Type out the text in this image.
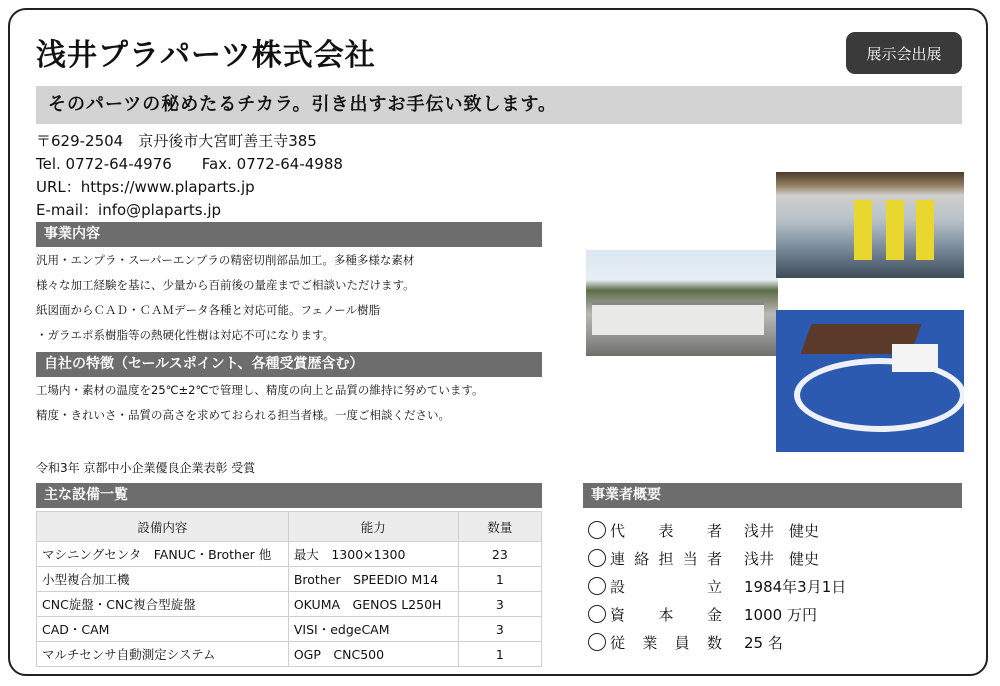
浅井プラパーツ株式会社	展示会出展
そのパーツの秘めたるチカラ。引き出すお手伝い致します。
〒629-2504　京丹後市大宮町善王寺385
Tel. 0772-64-4976　　Fax. 0772-64-4988
URL：https://www.plaparts.jp
E-mail：info@plaparts.jp
事業内容
汎用・エンプラ・スーパーエンプラの精密切削部品加工。多種多様な素材
様々な加工経験を基に、少量から百前後の量産までご相談いただけます。
紙図面からＣＡＤ・ＣＡＭデータ各種と対応可能。フェノール樹脂
・ガラエポ系樹脂等の熱硬化性樹は対応不可になります。
自社の特徴（セールスポイント、各種受賞歴含む）
工場内・素材の温度を25℃±2℃で管理し、精度の向上と品質の維持に努めています。
精度・きれいさ・品質の高さを求めておられる担当者様。一度ご相談ください。
令和3年 京都中小企業優良企業表彰 受賞
主な設備一覧
設備内容	能力	数量
マシニングセンタ　FANUC・Brother 他	最大　1300×1300	23
小型複合加工機	Brother　SPEEDIO M14	1
CNC旋盤・CNC複合型旋盤	OKUMA　GENOS L250H	3
CAD・CAM	VISI・edgeCAM	3
マルチセンサ自動測定システム	OGP　CNC500	1
事業者概要
代表者 浅井　健史
連絡担当者 浅井　健史
設立 1984年3月1日
資本金 1000 万円
従業員数 25 名
